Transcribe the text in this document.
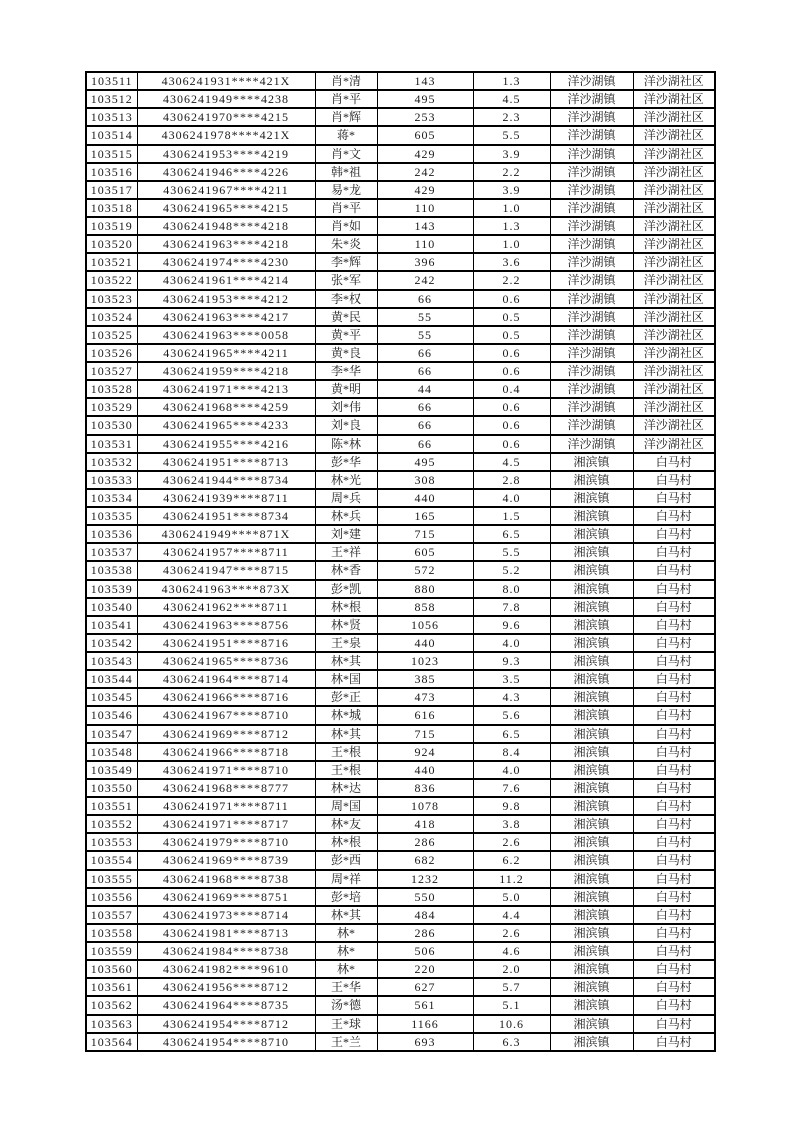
103511	4306241931****421X	肖*清	143	1.3	洋沙湖镇	洋沙湖社区
103512	4306241949****4238	肖*平	495	4.5	洋沙湖镇	洋沙湖社区
103513	4306241970****4215	肖*辉	253	2.3	洋沙湖镇	洋沙湖社区
103514	4306241978****421X	蒋*	605	5.5	洋沙湖镇	洋沙湖社区
103515	4306241953****4219	肖*文	429	3.9	洋沙湖镇	洋沙湖社区
103516	4306241946****4226	韩*祖	242	2.2	洋沙湖镇	洋沙湖社区
103517	4306241967****4211	易*龙	429	3.9	洋沙湖镇	洋沙湖社区
103518	4306241965****4215	肖*平	110	1.0	洋沙湖镇	洋沙湖社区
103519	4306241948****4218	肖*如	143	1.3	洋沙湖镇	洋沙湖社区
103520	4306241963****4218	朱*炎	110	1.0	洋沙湖镇	洋沙湖社区
103521	4306241974****4230	李*辉	396	3.6	洋沙湖镇	洋沙湖社区
103522	4306241961****4214	张*军	242	2.2	洋沙湖镇	洋沙湖社区
103523	4306241953****4212	李*权	66	0.6	洋沙湖镇	洋沙湖社区
103524	4306241963****4217	黄*民	55	0.5	洋沙湖镇	洋沙湖社区
103525	4306241963****0058	黄*平	55	0.5	洋沙湖镇	洋沙湖社区
103526	4306241965****4211	黄*良	66	0.6	洋沙湖镇	洋沙湖社区
103527	4306241959****4218	李*华	66	0.6	洋沙湖镇	洋沙湖社区
103528	4306241971****4213	黄*明	44	0.4	洋沙湖镇	洋沙湖社区
103529	4306241968****4259	刘*伟	66	0.6	洋沙湖镇	洋沙湖社区
103530	4306241965****4233	刘*良	66	0.6	洋沙湖镇	洋沙湖社区
103531	4306241955****4216	陈*林	66	0.6	洋沙湖镇	洋沙湖社区
103532	4306241951****8713	彭*华	495	4.5	湘滨镇	白马村
103533	4306241944****8734	林*光	308	2.8	湘滨镇	白马村
103534	4306241939****8711	周*兵	440	4.0	湘滨镇	白马村
103535	4306241951****8734	林*兵	165	1.5	湘滨镇	白马村
103536	4306241949****871X	刘*建	715	6.5	湘滨镇	白马村
103537	4306241957****8711	王*祥	605	5.5	湘滨镇	白马村
103538	4306241947****8715	林*香	572	5.2	湘滨镇	白马村
103539	4306241963****873X	彭*凯	880	8.0	湘滨镇	白马村
103540	4306241962****8711	林*根	858	7.8	湘滨镇	白马村
103541	4306241963****8756	林*贤	1056	9.6	湘滨镇	白马村
103542	4306241951****8716	王*泉	440	4.0	湘滨镇	白马村
103543	4306241965****8736	林*其	1023	9.3	湘滨镇	白马村
103544	4306241964****8714	林*国	385	3.5	湘滨镇	白马村
103545	4306241966****8716	彭*正	473	4.3	湘滨镇	白马村
103546	4306241967****8710	林*城	616	5.6	湘滨镇	白马村
103547	4306241969****8712	林*其	715	6.5	湘滨镇	白马村
103548	4306241966****8718	王*根	924	8.4	湘滨镇	白马村
103549	4306241971****8710	王*根	440	4.0	湘滨镇	白马村
103550	4306241968****8777	林*达	836	7.6	湘滨镇	白马村
103551	4306241971****8711	周*国	1078	9.8	湘滨镇	白马村
103552	4306241971****8717	林*友	418	3.8	湘滨镇	白马村
103553	4306241979****8710	林*根	286	2.6	湘滨镇	白马村
103554	4306241969****8739	彭*西	682	6.2	湘滨镇	白马村
103555	4306241968****8738	周*祥	1232	11.2	湘滨镇	白马村
103556	4306241969****8751	彭*培	550	5.0	湘滨镇	白马村
103557	4306241973****8714	林*其	484	4.4	湘滨镇	白马村
103558	4306241981****8713	林*	286	2.6	湘滨镇	白马村
103559	4306241984****8738	林*	506	4.6	湘滨镇	白马村
103560	4306241982****9610	林*	220	2.0	湘滨镇	白马村
103561	4306241956****8712	王*华	627	5.7	湘滨镇	白马村
103562	4306241964****8735	汤*德	561	5.1	湘滨镇	白马村
103563	4306241954****8712	王*球	1166	10.6	湘滨镇	白马村
103564	4306241954****8710	王*兰	693	6.3	湘滨镇	白马村
